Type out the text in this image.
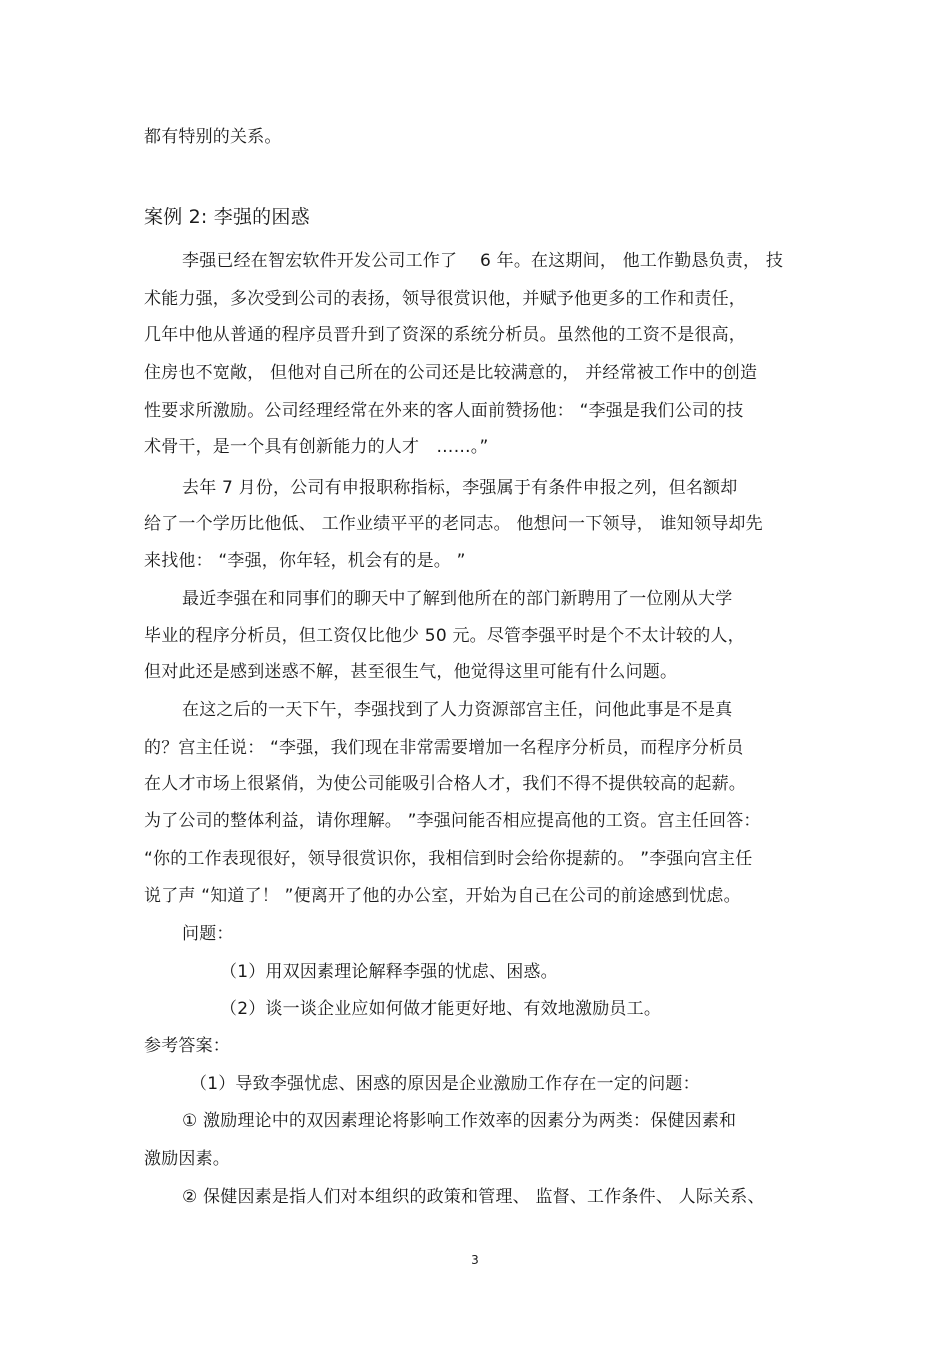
都有特别的关系。
案例 2: 李强的困惑
李强已经在智宏软件开发公司工作了　 6 年。在这期间， 他工作勤恳负责， 技
术能力强，多次受到公司的表扬，领导很赏识他，并赋予他更多的工作和责任，
几年中他从普通的程序员晋升到了资深的系统分析员。虽然他的工资不是很高，
住房也不宽敞， 但他对自己所在的公司还是比较满意的， 并经常被工作中的创造
性要求所激励。公司经理经常在外来的客人面前赞扬他： “李强是我们公司的技
术骨干，是一个具有创新能力的人才　……。”
去年 7 月份，公司有申报职称指标，李强属于有条件申报之列，但名额却
给了一个学历比他低、 工作业绩平平的老同志。 他想问一下领导， 谁知领导却先
来找他： “李强，你年轻，机会有的是。 ”
最近李强在和同事们的聊天中了解到他所在的部门新聘用了一位刚从大学
毕业的程序分析员，但工资仅比他少 50 元。尽管李强平时是个不太计较的人，
但对此还是感到迷惑不解，甚至很生气，他觉得这里可能有什么问题。
在这之后的一天下午，李强找到了人力资源部宫主任，问他此事是不是真
的？宫主任说： “李强，我们现在非常需要增加一名程序分析员，而程序分析员
在人才市场上很紧俏，为使公司能吸引合格人才，我们不得不提供较高的起薪。
为了公司的整体利益，请你理解。 ”李强问能否相应提高他的工资。宫主任回答：
“你的工作表现很好，领导很赏识你，我相信到时会给你提薪的。 ”李强向宫主任
说了声 “知道了！ ”便离开了他的办公室，开始为自己在公司的前途感到忧虑。
问题：
（1）用双因素理论解释李强的忧虑、困惑。
（2）谈一谈企业应如何做才能更好地、有效地激励员工。
参考答案：
（1）导致李强忧虑、困惑的原因是企业激励工作存在一定的问题：
① 激励理论中的双因素理论将影响工作效率的因素分为两类：保健因素和
激励因素。
② 保健因素是指人们对本组织的政策和管理、 监督、工作条件、 人际关系、
3
